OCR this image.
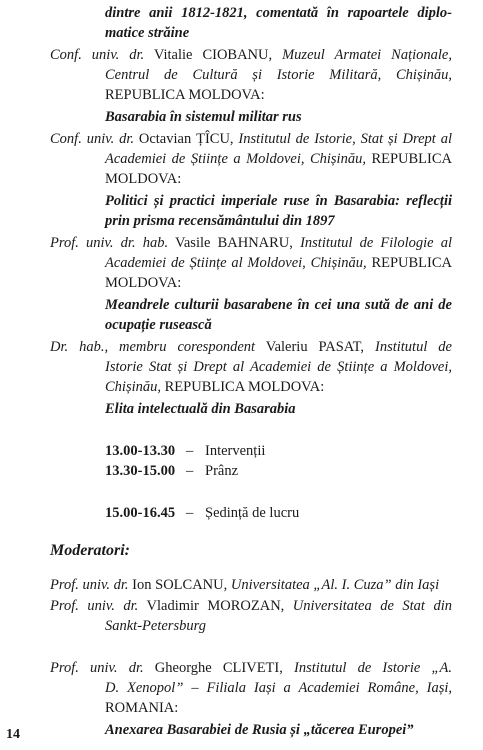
dintre anii 1812-1821, comentată în rapoartele diplo-
matice străine
Conf. univ. dr. Vitalie CIOBANU, Muzeul Armatei Naționale,
Centrul de Cultură și Istorie Militară, Chișinău,
REPUBLICA MOLDOVA:
Basarabia în sistemul militar rus
Conf. univ. dr. Octavian ȚÎCU, Institutul de Istorie, Stat și Drept al
Academiei de Științe a Moldovei, Chișinău, REPUBLICA
MOLDOVA:
Politici și practici imperiale ruse în Basarabia: reflecții
prin prisma recensământului din 1897
Prof. univ. dr. hab. Vasile BAHNARU, Institutul de Filologie al
Academiei de Științe al Moldovei, Chișinău, REPUBLICA
MOLDOVA:
Meandrele culturii basarabene în cei una sută de ani de
ocupație rusească
Dr. hab., membru corespondent Valeriu PASAT, Institutul de
Istorie Stat și Drept al Academiei de Științe a Moldovei,
Chișinău, REPUBLICA MOLDOVA:
Elita intelectuală din Basarabia
13.00-13.30 – Intervenții
13.30-15.00 – Prânz
15.00-16.45 – Ședință de lucru
Moderatori:
Prof. univ. dr. Ion SOLCANU, Universitatea „Al. I. Cuza” din Iași
Prof. univ. dr. Vladimir MOROZAN, Universitatea de Stat din
Sankt-Petersburg
Prof. univ. dr. Gheorghe CLIVETI, Institutul de Istorie „A.
D. Xenopol” – Filiala Iași a Academiei Române, Iași,
ROMANIA:
Anexarea Basarabiei de Rusia și „tăcerea Europei”
14
